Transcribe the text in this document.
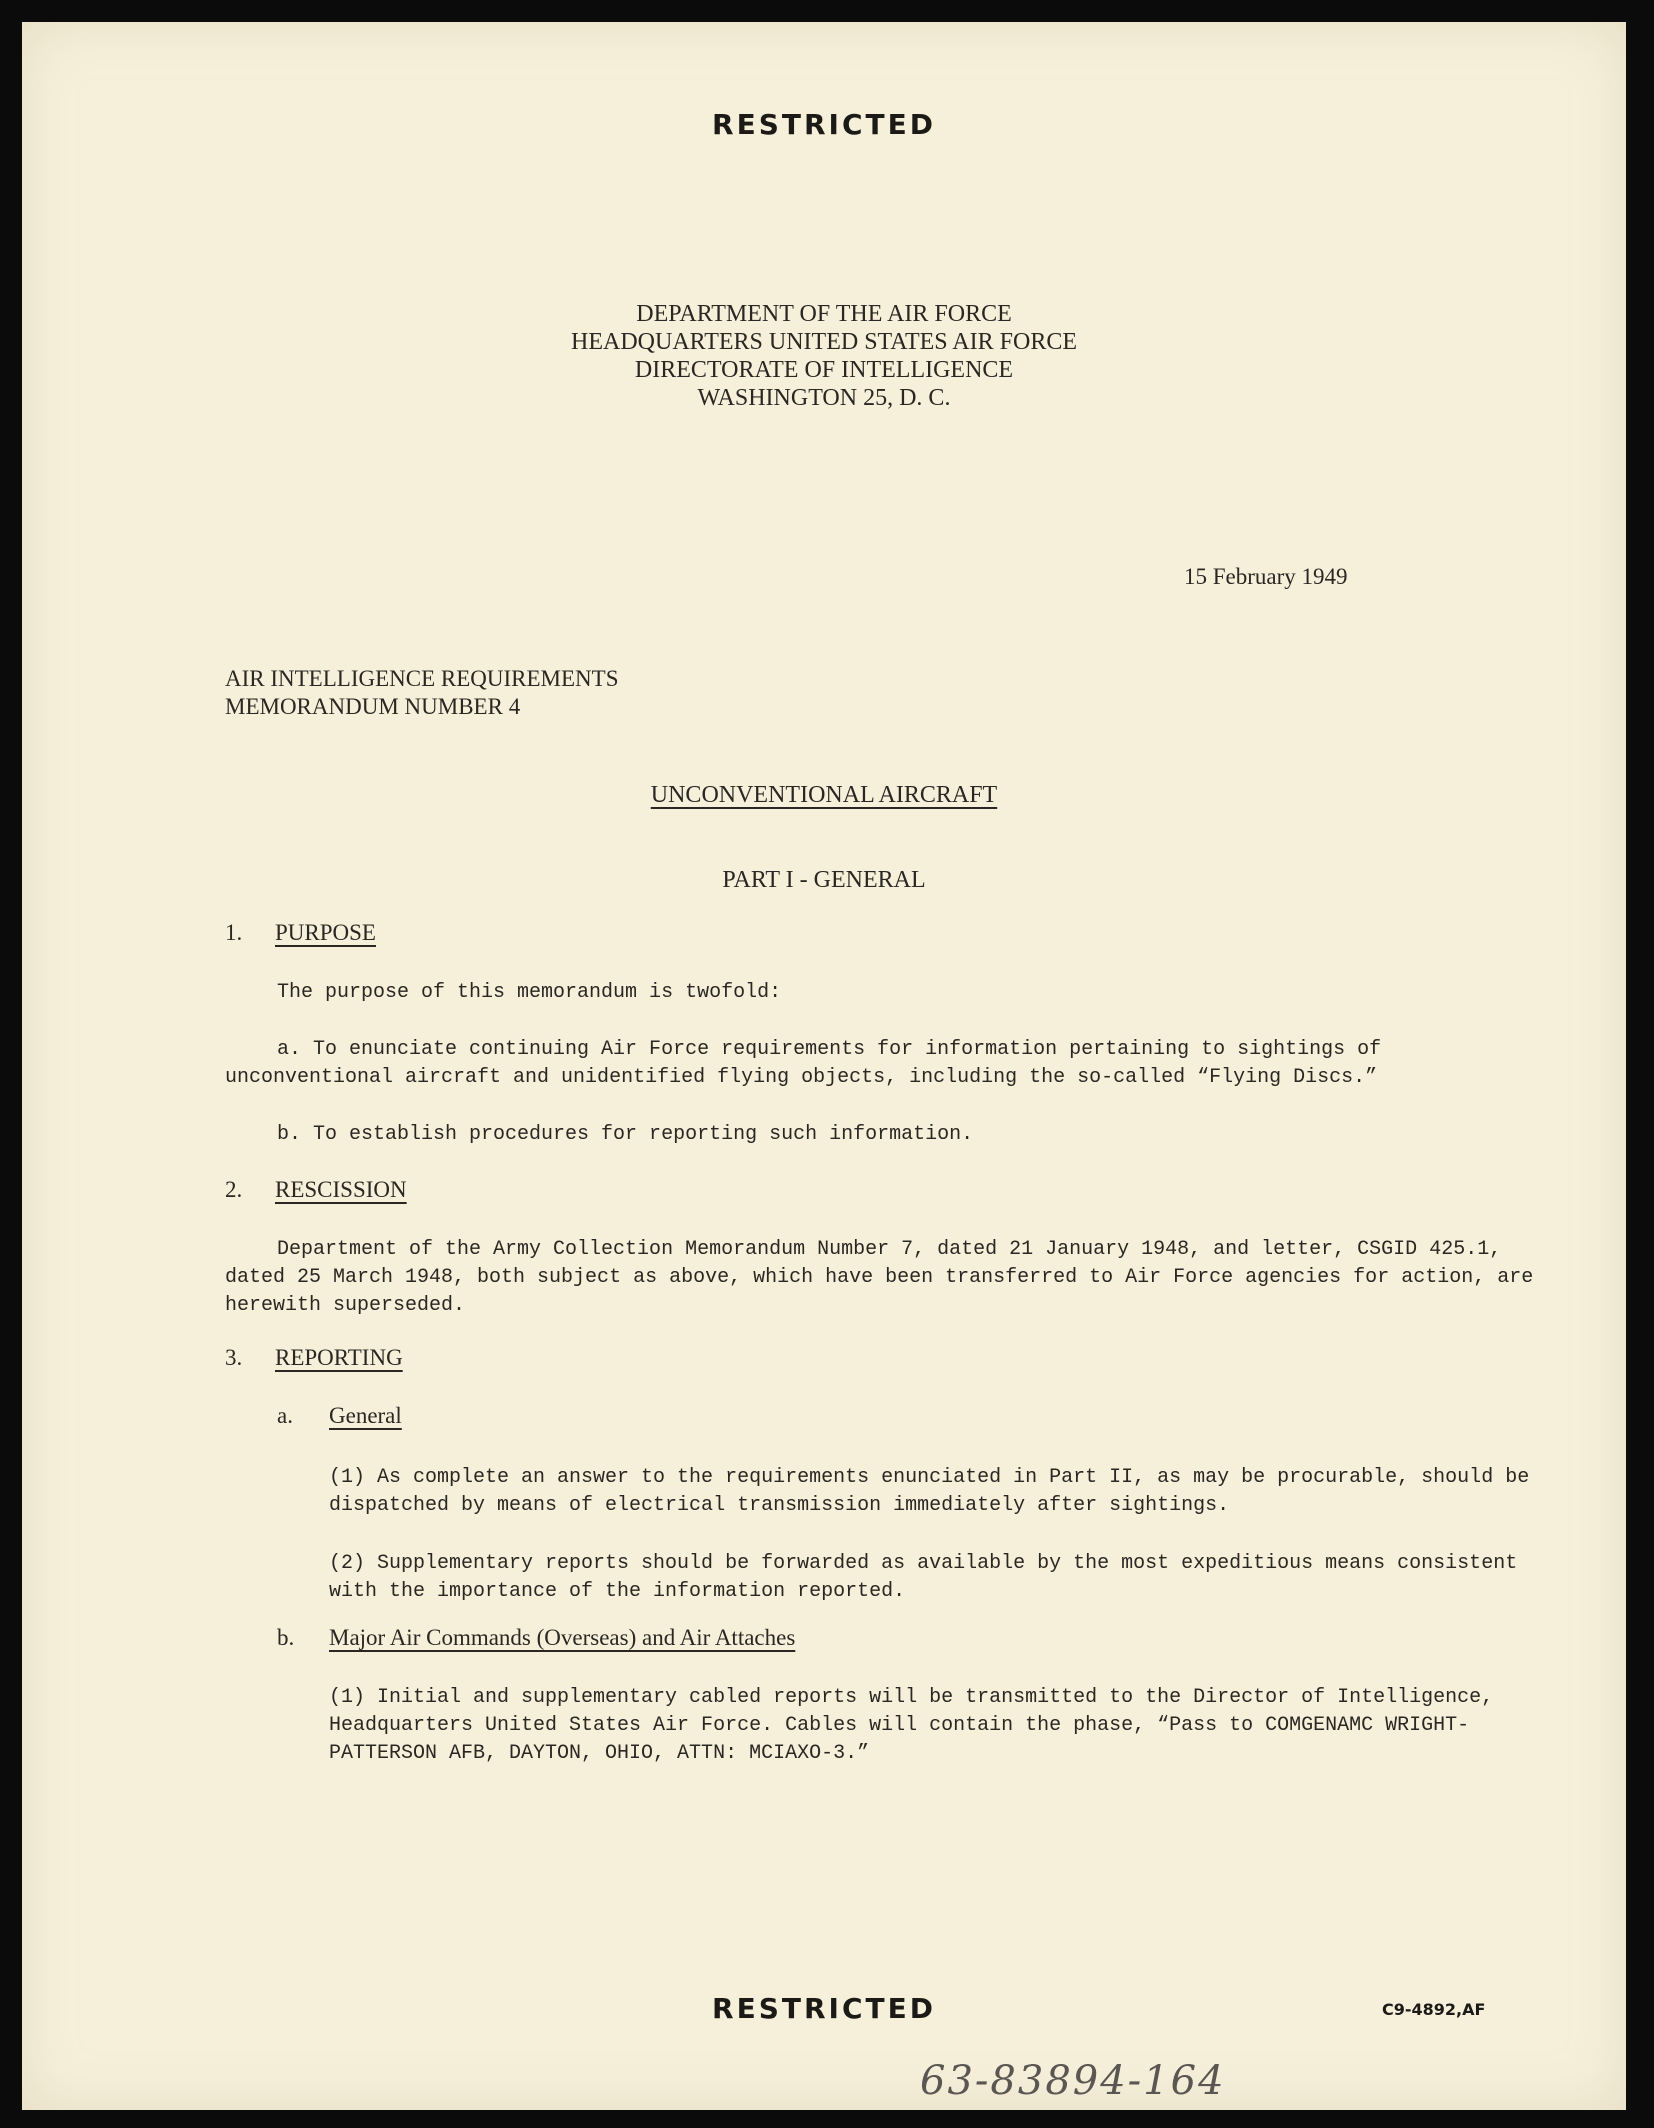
RESTRICTED
DEPARTMENT OF THE AIR FORCE
HEADQUARTERS UNITED STATES AIR FORCE
DIRECTORATE OF INTELLIGENCE
WASHINGTON 25, D. C.
15 February 1949
AIR INTELLIGENCE REQUIREMENTS
MEMORANDUM NUMBER 4
UNCONVENTIONAL AIRCRAFT
PART I - GENERAL
1. PURPOSE
The purpose of this memorandum is twofold:
a. To enunciate continuing Air Force requirements for information pertaining to sightings of unconventional aircraft and unidentified flying objects, including the so-called “Flying Discs.”
b. To establish procedures for reporting such information.
2. RESCISSION
Department of the Army Collection Memorandum Number 7, dated 21 January 1948, and letter, CSGID 425.1, dated 25 March 1948, both subject as above, which have been transferred to Air Force agencies for action, are herewith superseded.
3. REPORTING
a. General
(1) As complete an answer to the requirements enunciated in Part II, as may be procurable, should be dispatched by means of electrical transmission immediately after sightings.
(2) Supplementary reports should be forwarded as available by the most expeditious means consistent with the importance of the information reported.
b. Major Air Commands (Overseas) and Air Attaches
(1) Initial and supplementary cabled reports will be transmitted to the Director of Intelligence, Headquarters United States Air Force. Cables will contain the phase, “Pass to COMGENAMC WRIGHT-PATTERSON AFB, DAYTON, OHIO, ATTN: MCIAXO-3.”
RESTRICTED	C9-4892,AF
63-83894-164
